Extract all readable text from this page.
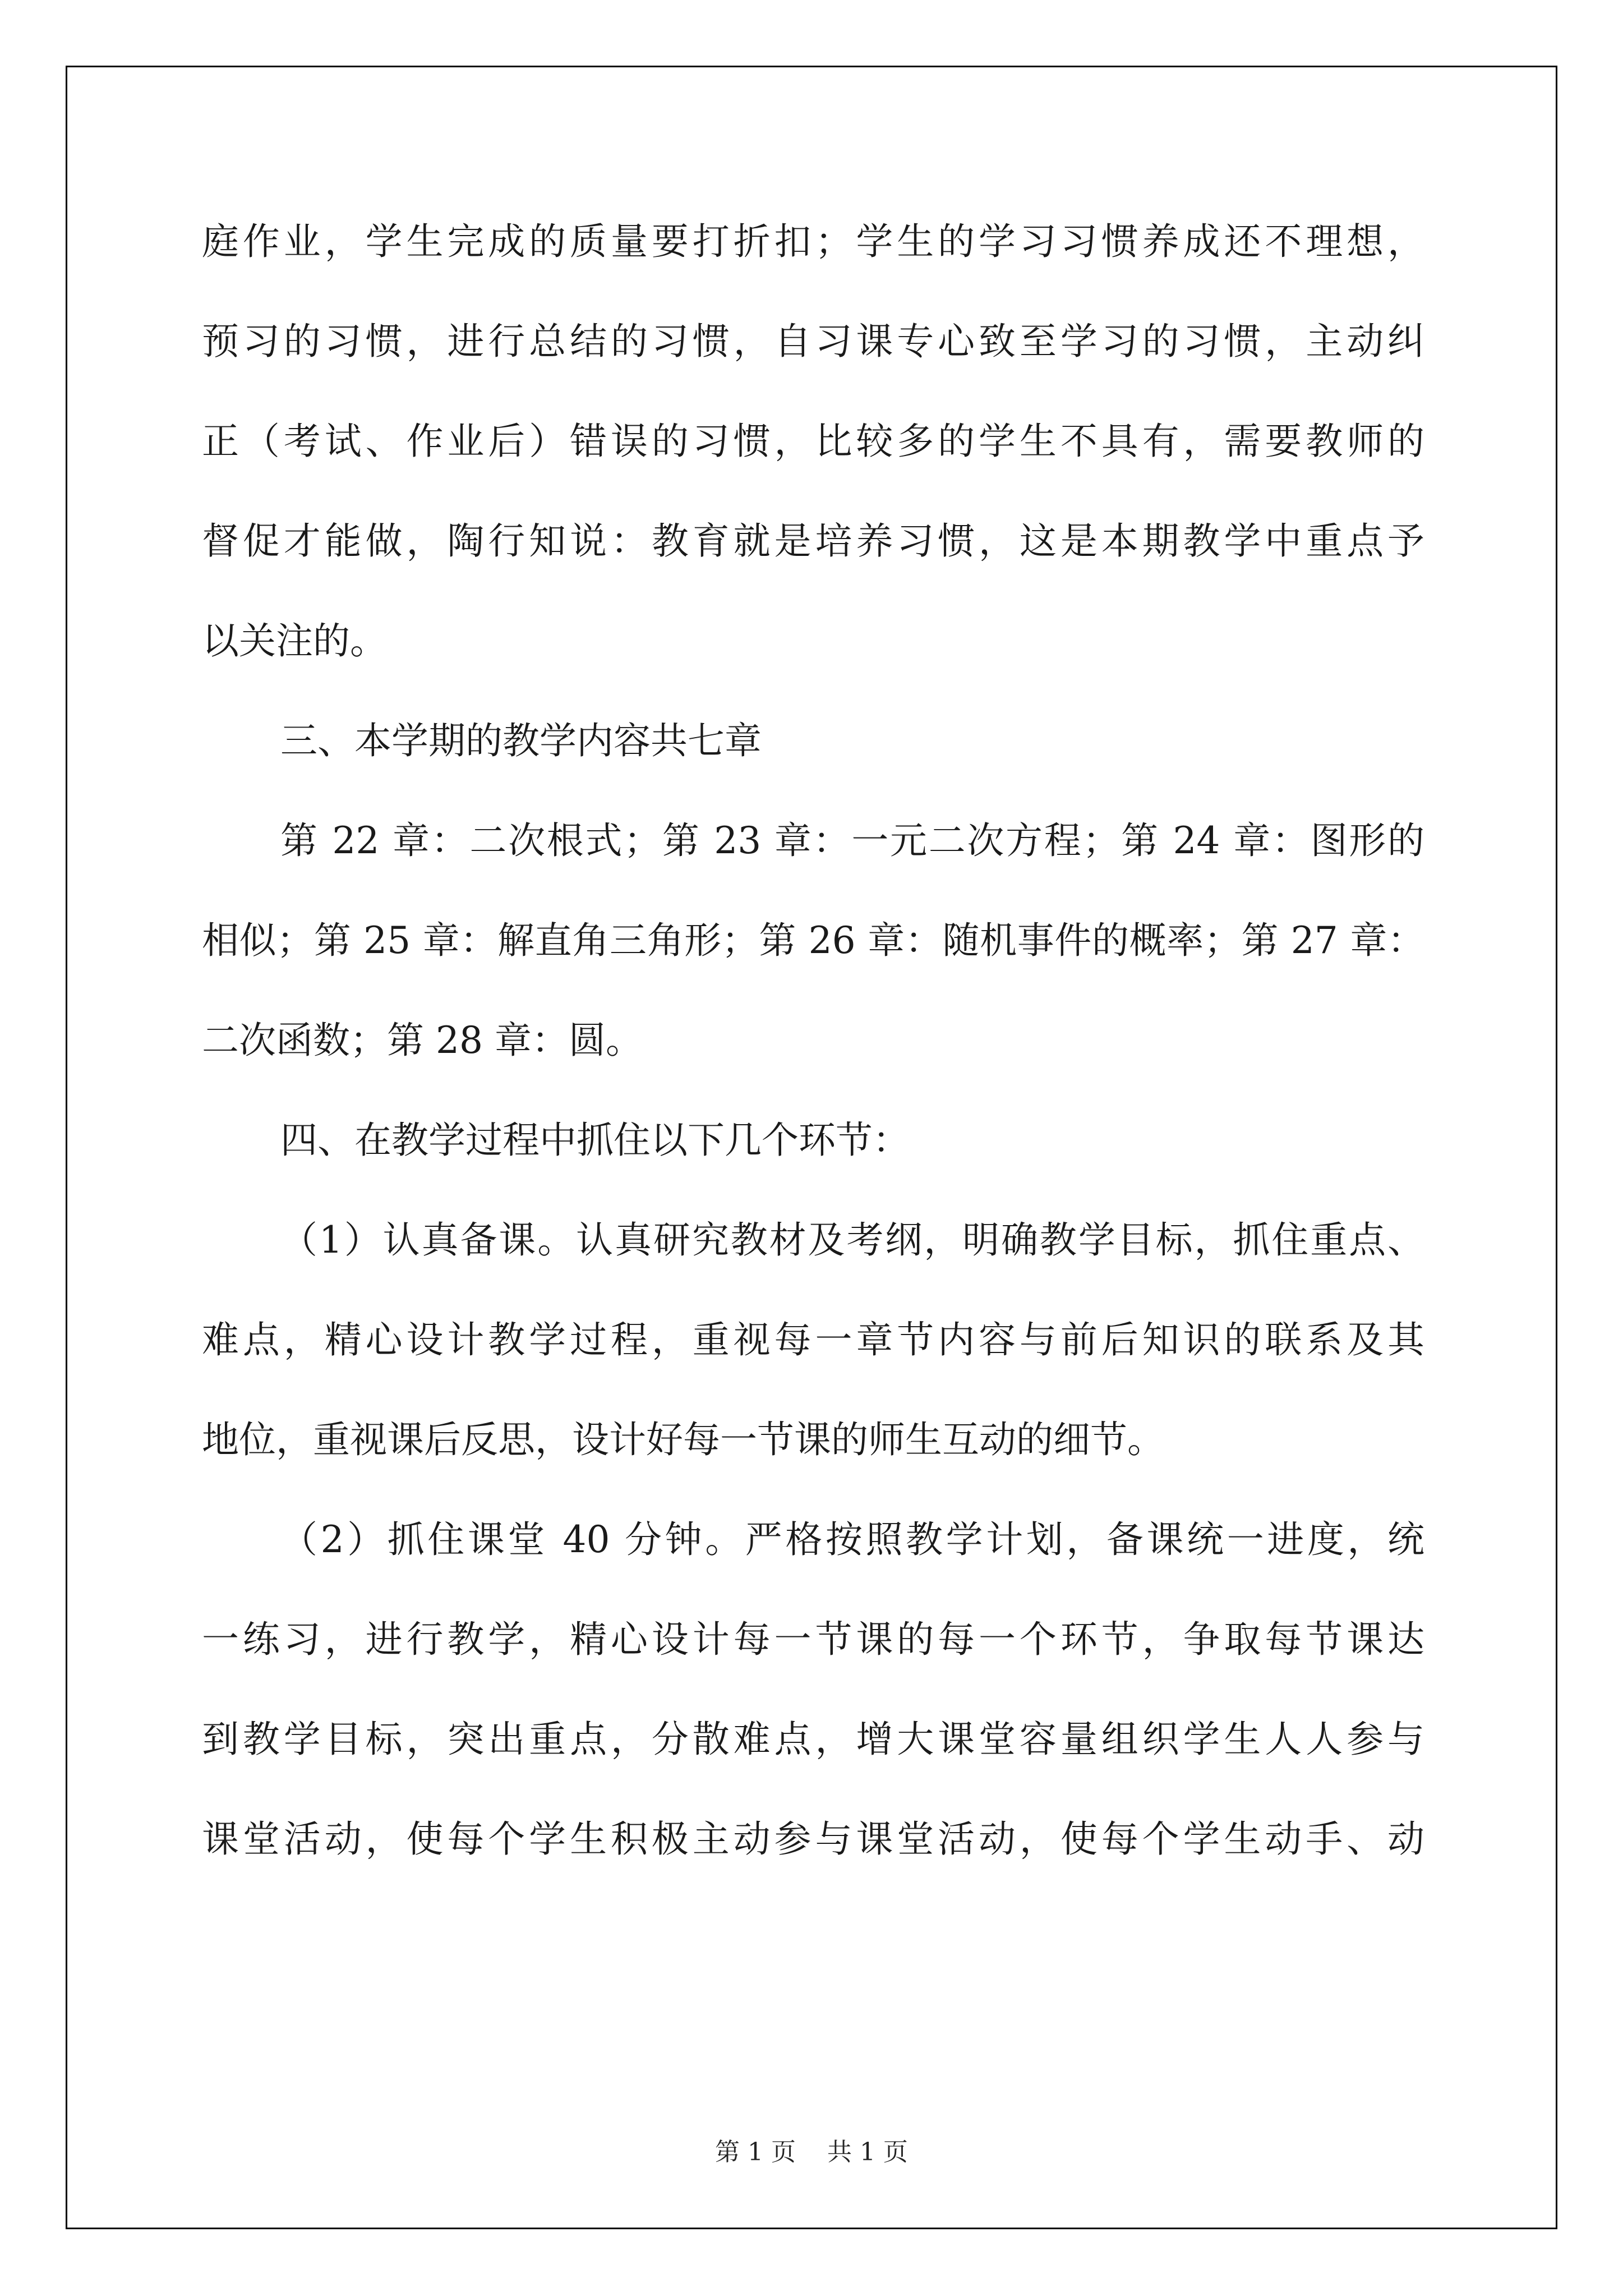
庭作业，学生完成的质量要打折扣；学生的学习习惯养成还不理想，
预习的习惯，进行总结的习惯，自习课专心致至学习的习惯，主动纠
正（考试、作业后）错误的习惯，比较多的学生不具有，需要教师的
督促才能做，陶行知说：教育就是培养习惯，这是本期教学中重点予
以关注的。
三、本学期的教学内容共七章
第 22 章：二次根式；第 23 章：一元二次方程；第 24 章：图形的
相似；第 25 章：解直角三角形；第 26 章：随机事件的概率；第 27 章：
二次函数；第 28 章：圆。
四、在教学过程中抓住以下几个环节：
（1）认真备课。认真研究教材及考纲，明确教学目标，抓住重点、
难点，精心设计教学过程，重视每一章节内容与前后知识的联系及其
地位，重视课后反思，设计好每一节课的师生互动的细节。
（2）抓住课堂 40 分钟。严格按照教学计划，备课统一进度，统
一练习，进行教学，精心设计每一节课的每一个环节，争取每节课达
到教学目标，突出重点，分散难点，增大课堂容量组织学生人人参与
课堂活动，使每个学生积极主动参与课堂活动，使每个学生动手、动
第 1 页    共 1 页
